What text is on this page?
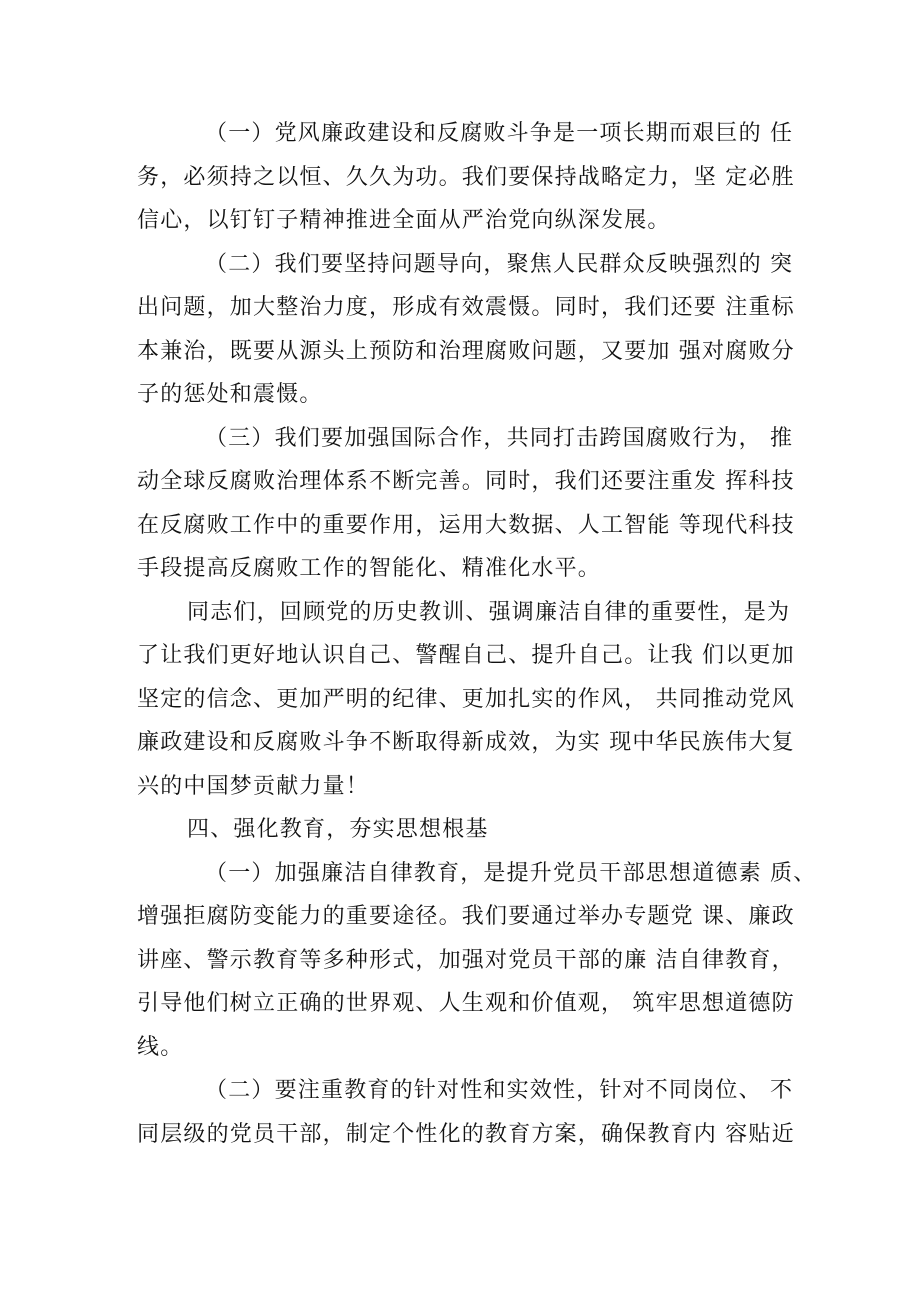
（一）党风廉政建设和反腐败斗争是一项长期而艰巨的 任
务，必须持之以恒、久久为功。我们要保持战略定力，坚 定必胜
信心，以钉钉子精神推进全面从严治党向纵深发展。

（二）我们要坚持问题导向，聚焦人民群众反映强烈的 突
出问题，加大整治力度，形成有效震慑。同时，我们还要 注重标
本兼治，既要从源头上预防和治理腐败问题，又要加 强对腐败分
子的惩处和震慑。

（三）我们要加强国际合作，共同打击跨国腐败行为， 推
动全球反腐败治理体系不断完善。同时，我们还要注重发 挥科技
在反腐败工作中的重要作用，运用大数据、人工智能 等现代科技
手段提高反腐败工作的智能化、精准化水平。

同志们，回顾党的历史教训、强调廉洁自律的重要性，是为
了让我们更好地认识自己、警醒自己、提升自己。让我 们以更加
坚定的信念、更加严明的纪律、更加扎实的作风， 共同推动党风
廉政建设和反腐败斗争不断取得新成效，为实 现中华民族伟大复
兴的中国梦贡献力量！

四、强化教育，夯实思想根基

（一）加强廉洁自律教育，是提升党员干部思想道德素 质、
增强拒腐防变能力的重要途径。我们要通过举办专题党 课、廉政
讲座、警示教育等多种形式，加强对党员干部的廉 洁自律教育，
引导他们树立正确的世界观、人生观和价值观， 筑牢思想道德防
线。

（二）要注重教育的针对性和实效性，针对不同岗位、 不
同层级的党员干部，制定个性化的教育方案，确保教育内 容贴近
